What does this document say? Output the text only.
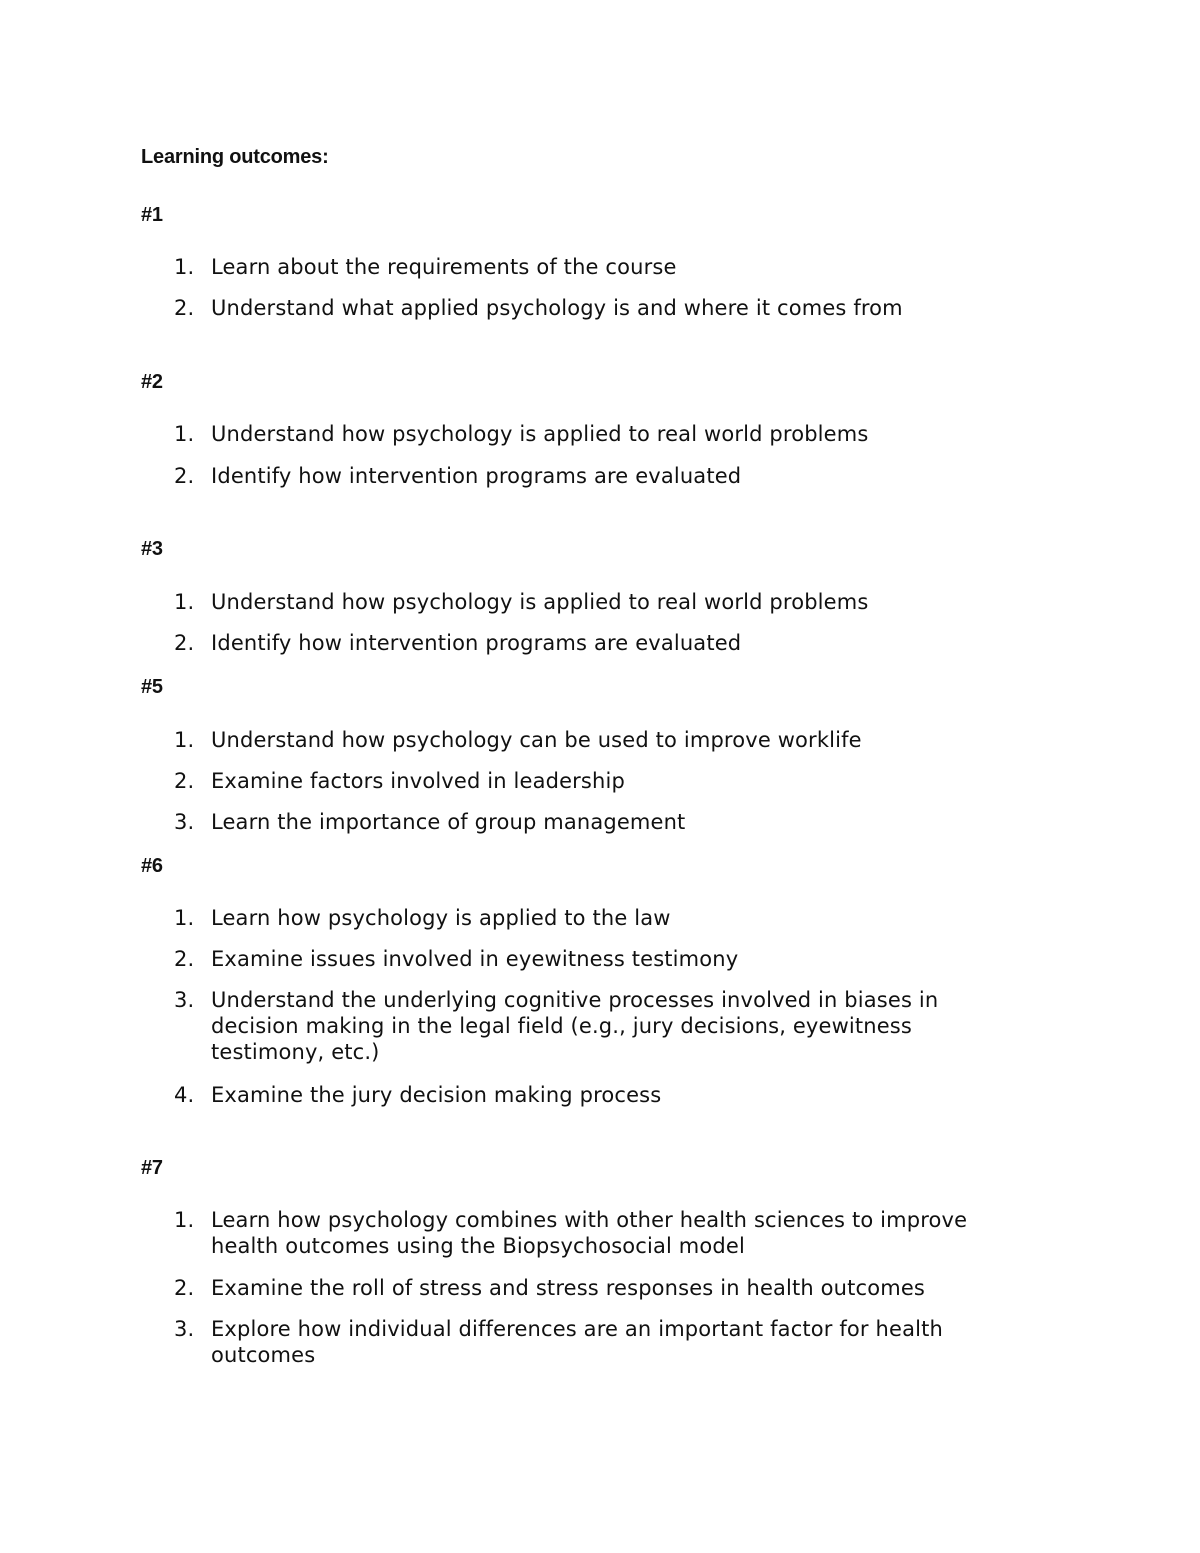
Learning outcomes:
#1
1. Learn about the requirements of the course
2. Understand what applied psychology is and where it comes from
#2
1. Understand how psychology is applied to real world problems
2. Identify how intervention programs are evaluated
#3
1. Understand how psychology is applied to real world problems
2. Identify how intervention programs are evaluated
#5
1. Understand how psychology can be used to improve worklife
2. Examine factors involved in leadership
3. Learn the importance of group management
#6
1. Learn how psychology is applied to the law
2. Examine issues involved in eyewitness testimony
3. Understand the underlying cognitive processes involved in biases in decision making in the legal field (e.g., jury decisions, eyewitness testimony, etc.)
4. Examine the jury decision making process
#7
1. Learn how psychology combines with other health sciences to improve health outcomes using the Biopsychosocial model
2. Examine the roll of stress and stress responses in health outcomes
3. Explore how individual differences are an important factor for health outcomes
